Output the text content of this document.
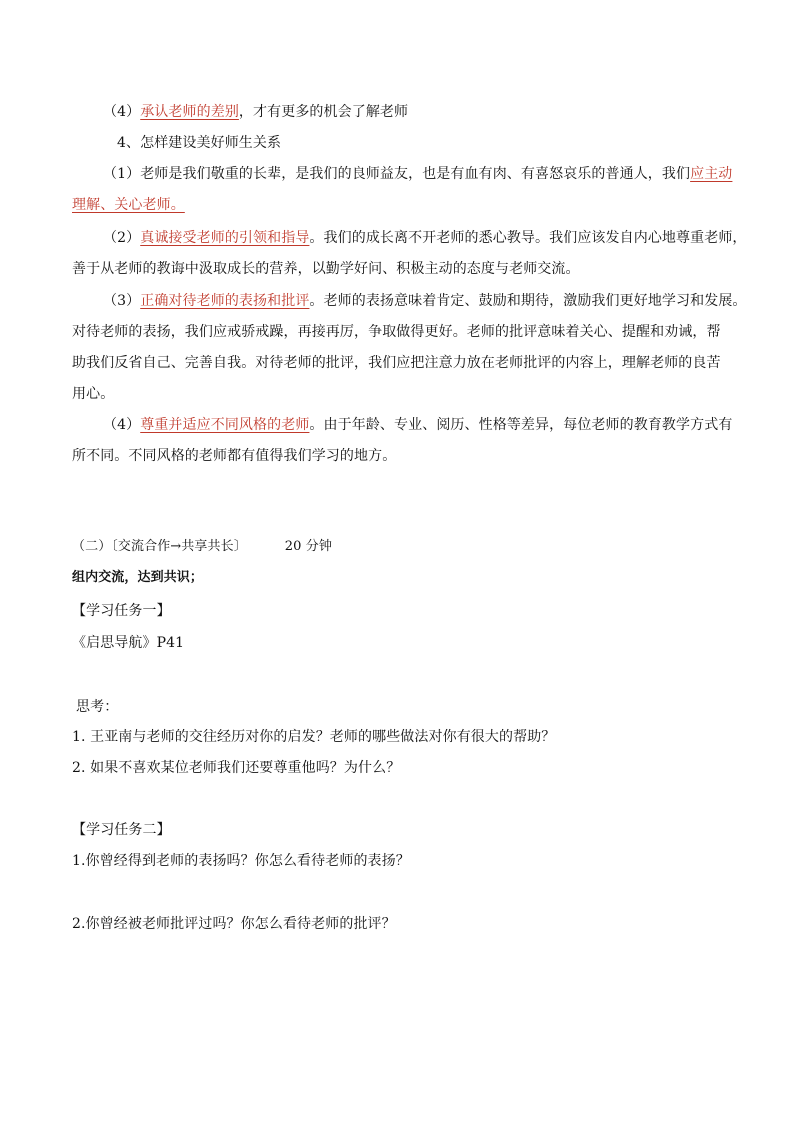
（4）承认老师的差别，才有更多的机会了解老师
4、怎样建设美好师生关系
（1）老师是我们敬重的长辈，是我们的良师益友，也是有血有肉、有喜怒哀乐的普通人，我们应主动
理解、关心老师。
（2）真诚接受老师的引领和指导。我们的成长离不开老师的悉心教导。我们应该发自内心地尊重老师，
善于从老师的教诲中汲取成长的营养，以勤学好问、积极主动的态度与老师交流。
（3）正确对待老师的表扬和批评。老师的表扬意味着肯定、鼓励和期待，激励我们更好地学习和发展。
对待老师的表扬，我们应戒骄戒躁，再接再厉，争取做得更好。老师的批评意味着关心、提醒和劝诫，帮
助我们反省自己、完善自我。对待老师的批评，我们应把注意力放在老师批评的内容上，理解老师的良苦
用心。
（4）尊重并适应不同风格的老师。由于年龄、专业、阅历、性格等差异，每位老师的教育教学方式有
所不同。不同风格的老师都有值得我们学习的地方。
（二）〔交流合作→共享共长〕	20 分钟
组内交流，达到共识；
【学习任务一】
《启思导航》P41
思考：
1. 王亚南与老师的交往经历对你的启发？老师的哪些做法对你有很大的帮助？
2. 如果不喜欢某位老师我们还要尊重他吗？为什么？
【学习任务二】
1.你曾经得到老师的表扬吗？你怎么看待老师的表扬？
2.你曾经被老师批评过吗？你怎么看待老师的批评？
